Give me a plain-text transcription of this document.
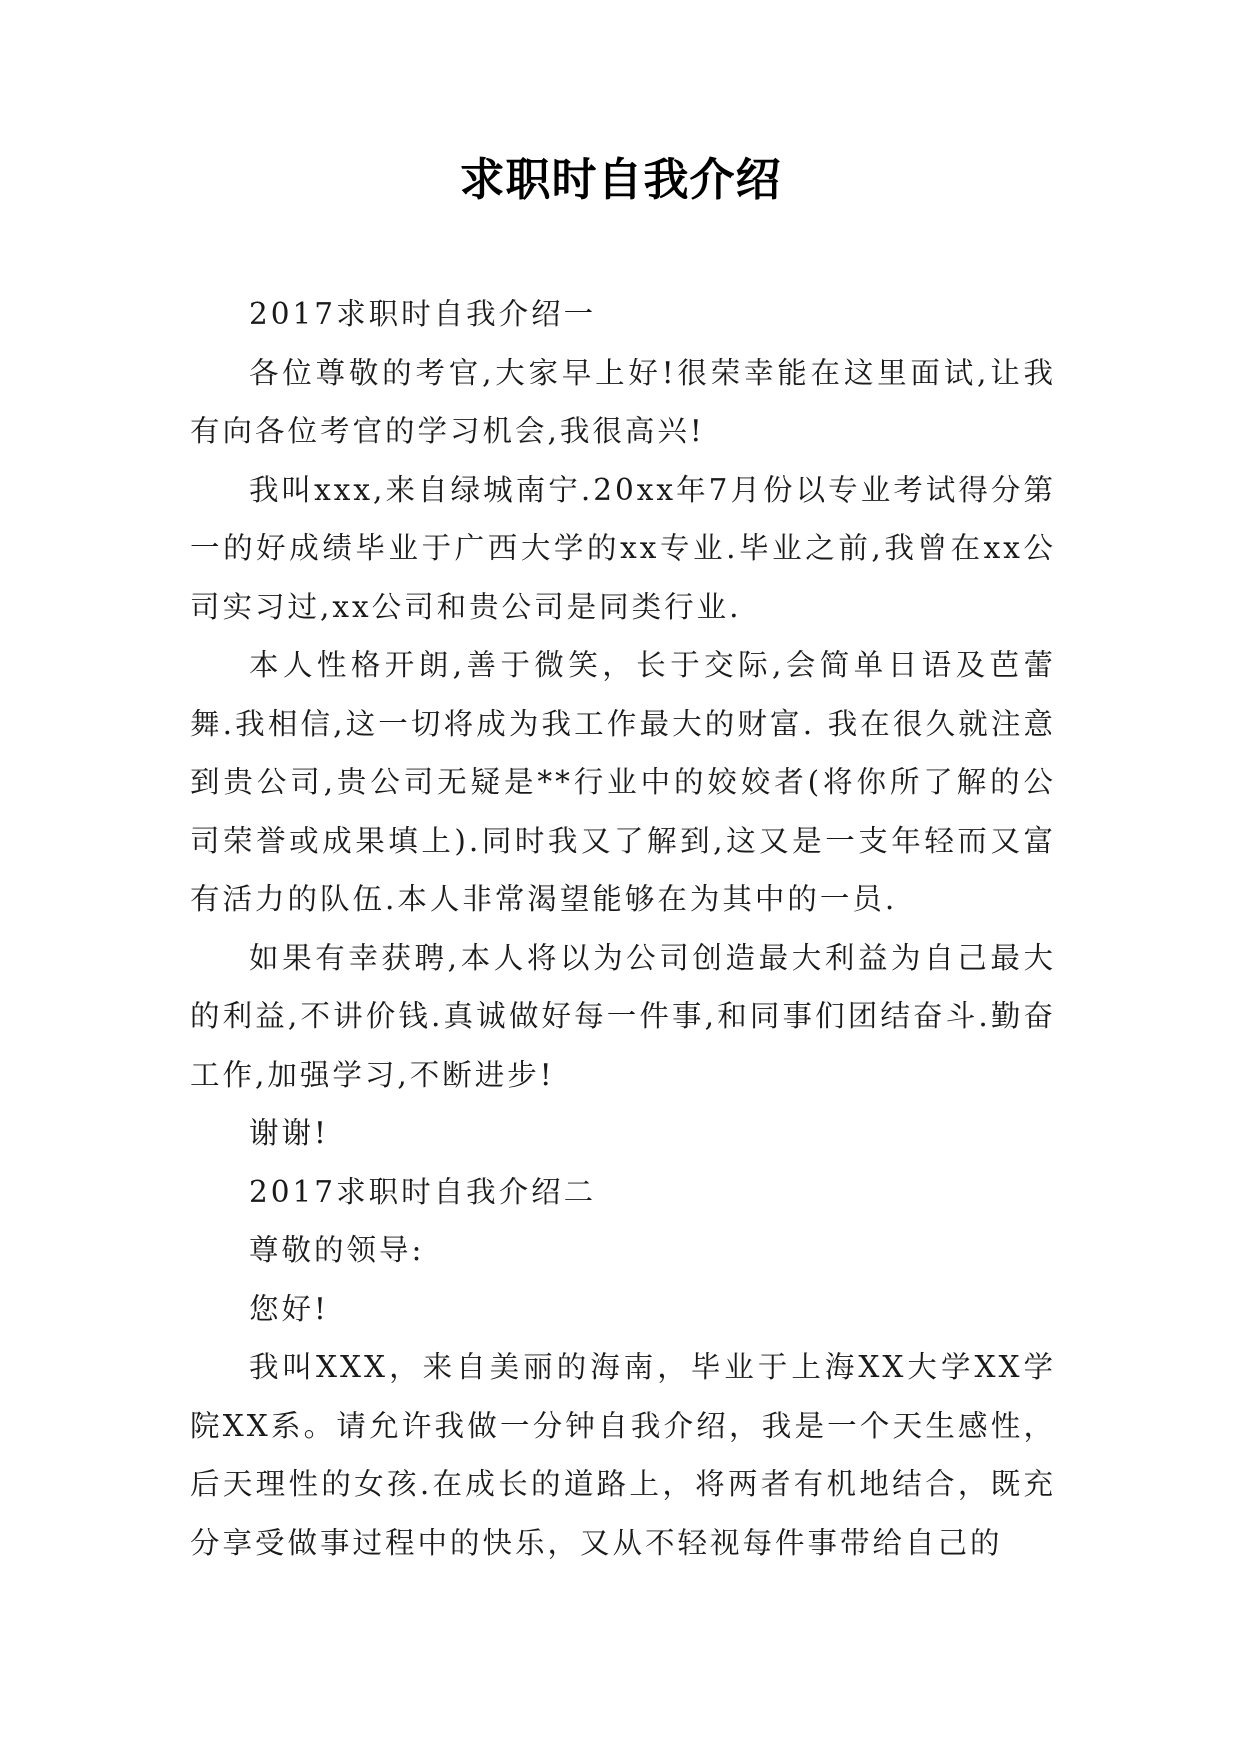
求职时自我介绍

2017求职时自我介绍一

各位尊敬的考官,大家早上好!很荣幸能在这里面试,让我有向各位考官的学习机会,我很高兴!

我叫xxx,来自绿城南宁.20xx年7月份以专业考试得分第一的好成绩毕业于广西大学的xx专业.毕业之前,我曾在xx公司实习过,xx公司和贵公司是同类行业.

本人性格开朗,善于微笑，长于交际,会简单日语及芭蕾舞.我相信,这一切将成为我工作最大的财富. 我在很久就注意到贵公司,贵公司无疑是**行业中的姣姣者(将你所了解的公司荣誉或成果填上).同时我又了解到,这又是一支年轻而又富有活力的队伍.本人非常渴望能够在为其中的一员.

如果有幸获聘,本人将以为公司创造最大利益为自己最大的利益,不讲价钱.真诚做好每一件事,和同事们团结奋斗.勤奋工作,加强学习,不断进步!

谢谢!

2017求职时自我介绍二

尊敬的领导:

您好!

我叫XXX，来自美丽的海南，毕业于上海XX大学XX学院XX系。请允许我做一分钟自我介绍，我是一个天生感性，后天理性的女孩.在成长的道路上，将两者有机地结合，既充分享受做事过程中的快乐，又从不轻视每件事带给自己的
